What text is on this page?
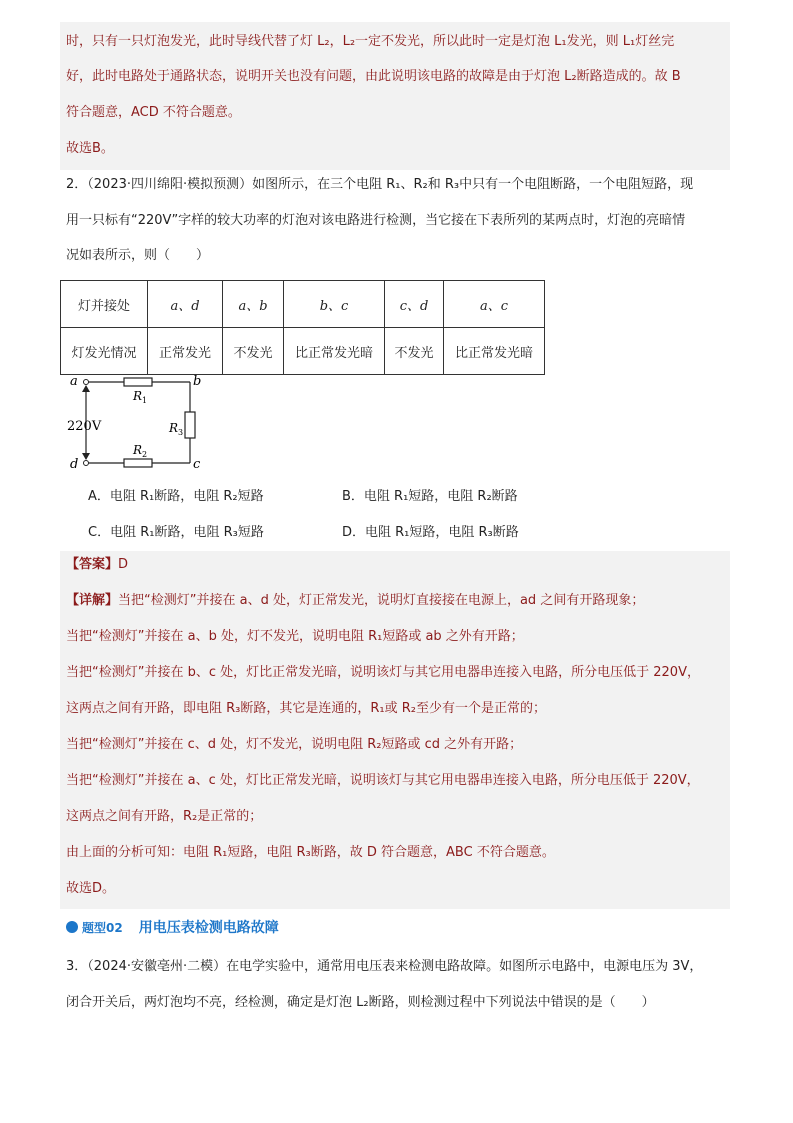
时，只有一只灯泡发光，此时导线代替了灯 L₂，L₂一定不发光，所以此时一定是灯泡 L₁发光，则 L₁灯丝完
好，此时电路处于通路状态，说明开关也没有问题，由此说明该电路的故障是由于灯泡 L₂断路造成的。故 B
符合题意，ACD 不符合题意。
故选B。
2．（2023·四川绵阳·模拟预测）如图所示，在三个电阻 R₁、R₂和 R₃中只有一个电阻断路，一个电阻短路，现
用一只标有“220V”字样的较大功率的灯泡对该电路进行检测，当它接在下表所列的某两点时，灯泡的亮暗情
况如表所示，则（　　）
灯并接处	a、d	a、b	b、c	c、d	a、c
灯发光情况	正常发光	不发光	比正常发光暗	不发光	比正常发光暗
a	b
c
d
220V
R 1
R 2
R 3
A．电阻 R₁断路，电阻 R₂短路	B．电阻 R₁短路，电阻 R₂断路
C．电阻 R₁断路，电阻 R₃短路	D．电阻 R₁短路，电阻 R₃断路
【答案】D
【详解】当把“检测灯”并接在 a、d 处，灯正常发光，说明灯直接接在电源上，ad 之间有开路现象；
当把“检测灯”并接在 a、b 处，灯不发光，说明电阻 R₁短路或 ab 之外有开路；
当把“检测灯”并接在 b、c 处，灯比正常发光暗，说明该灯与其它用电器串连接入电路，所分电压低于 220V，
这两点之间有开路，即电阻 R₃断路，其它是连通的，R₁或 R₂至少有一个是正常的；
当把“检测灯”并接在 c、d 处，灯不发光，说明电阻 R₂短路或 cd 之外有开路；
当把“检测灯”并接在 a、c 处，灯比正常发光暗，说明该灯与其它用电器串连接入电路，所分电压低于 220V，
这两点之间有开路，R₂是正常的；
由上面的分析可知：电阻 R₁短路，电阻 R₃断路，故 D 符合题意，ABC 不符合题意。
故选D。
题型02 用电压表检测电路故障
3．（2024·安徽亳州·二模）在电学实验中，通常用电压表来检测电路故障。如图所示电路中，电源电压为 3V，
闭合开关后，两灯泡均不亮，经检测，确定是灯泡 L₂断路，则检测过程中下列说法中错误的是（　　）
